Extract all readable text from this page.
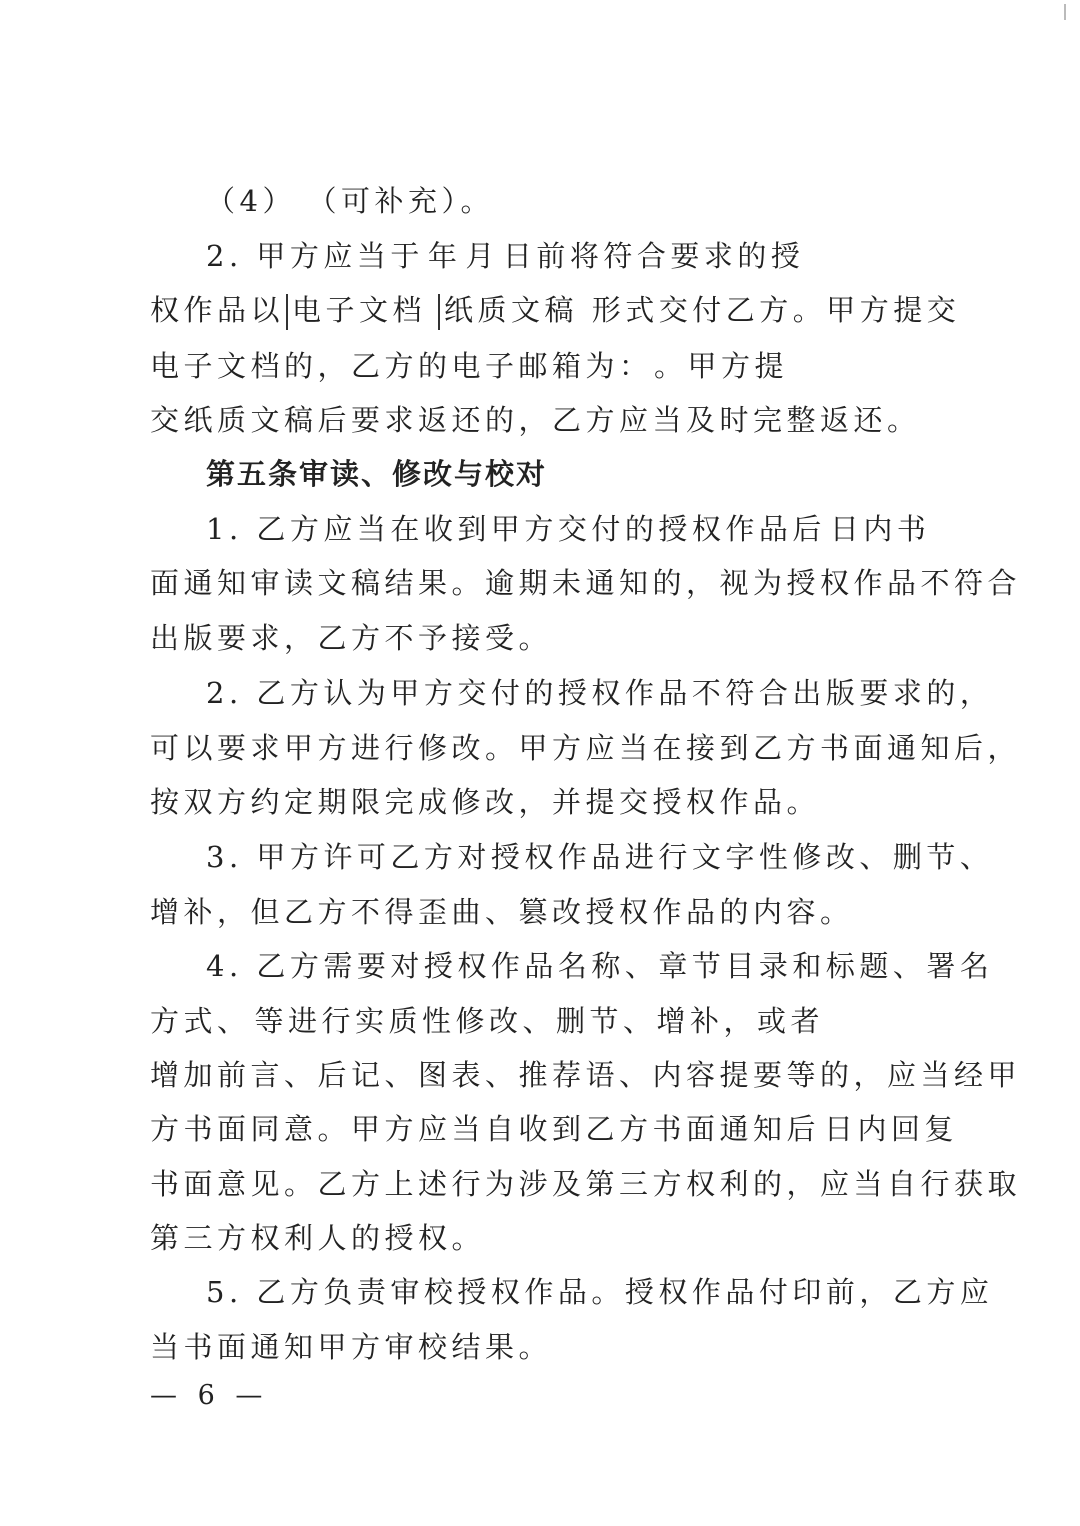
（4） （可补充）。
2. 甲方应当于 年 月 日前将符合要求的授
权作品以 电子文档 纸质文稿 形式交付乙方。甲方提交
电子文档的，乙方的电子邮箱为： 。甲方提
交纸质文稿后要求返还的，乙方应当及时完整返还。
第五条审读、修改与校对
1. 乙方应当在收到甲方交付的授权作品后 日内书
面通知审读文稿结果。逾期未通知的，视为授权作品不符合
出版要求，乙方不予接受。
2. 乙方认为甲方交付的授权作品不符合出版要求的，
可以要求甲方进行修改。甲方应当在接到乙方书面通知后，
按双方约定期限完成修改，并提交授权作品。
3. 甲方许可乙方对授权作品进行文字性修改、删节、
增补，但乙方不得歪曲、篡改授权作品的内容。
4. 乙方需要对授权作品名称、章节目录和标题、署名
方式、 等进行实质性修改、删节、增补，或者
增加前言、后记、图表、推荐语、内容提要等的，应当经甲
方书面同意。甲方应当自收到乙方书面通知后 日内回复
书面意见。乙方上述行为涉及第三方权利的，应当自行获取
第三方权利人的授权。
5. 乙方负责审校授权作品。授权作品付印前，乙方应
当书面通知甲方审校结果。
— 6 —
